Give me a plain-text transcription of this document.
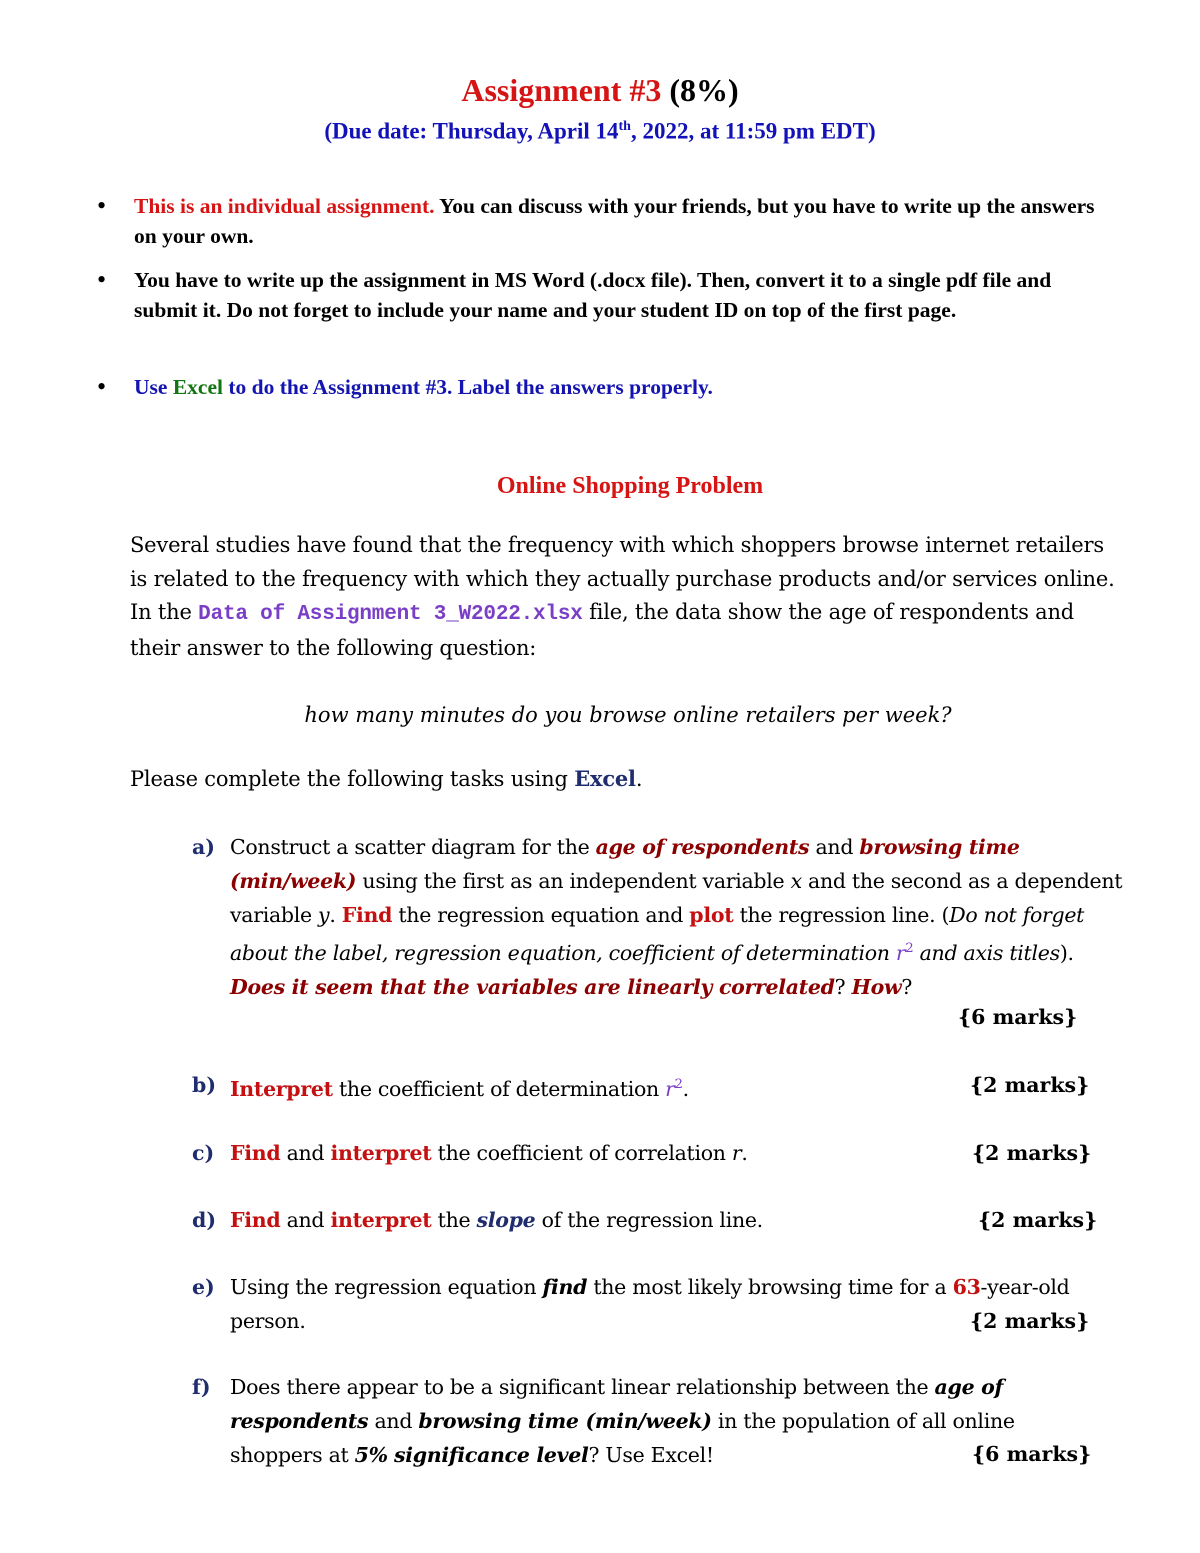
Assignment #3 (8%)
(Due date: Thursday, April 14th, 2022, at 11:59 pm EDT)
• This is an individual assignment. You can discuss with your friends, but you have to write up the answers on your own.
• You have to write up the assignment in MS Word (.docx file). Then, convert it to a single pdf file and submit it. Do not forget to include your name and your student ID on top of the first page.
• Use Excel to do the Assignment #3. Label the answers properly.
Online Shopping Problem
Several studies have found that the frequency with which shoppers browse internet retailers is related to the frequency with which they actually purchase products and/or services online. In the Data of Assignment 3_W2022.xlsx file, the data show the age of respondents and their answer to the following question:
how many minutes do you browse online retailers per week?
Please complete the following tasks using Excel.
a) Construct a scatter diagram for the age of respondents and browsing time (min/week) using the first as an independent variable x and the second as a dependent variable y. Find the regression equation and plot the regression line. (Do not forget about the label, regression equation, coefficient of determination $r^2$ and axis titles). Does it seem that the variables are linearly correlated? How?
{6 marks}
b) Interpret the coefficient of determination $r^2$.	{2 marks}
c) Find and interpret the coefficient of correlation r.	{2 marks}
d) Find and interpret the slope of the regression line.	{2 marks}
e) Using the regression equation find the most likely browsing time for a 63-year-old person.	{2 marks}
f) Does there appear to be a significant linear relationship between the age of respondents and browsing time (min/week) in the population of all online shoppers at 5% significance level? Use Excel!	{6 marks}
